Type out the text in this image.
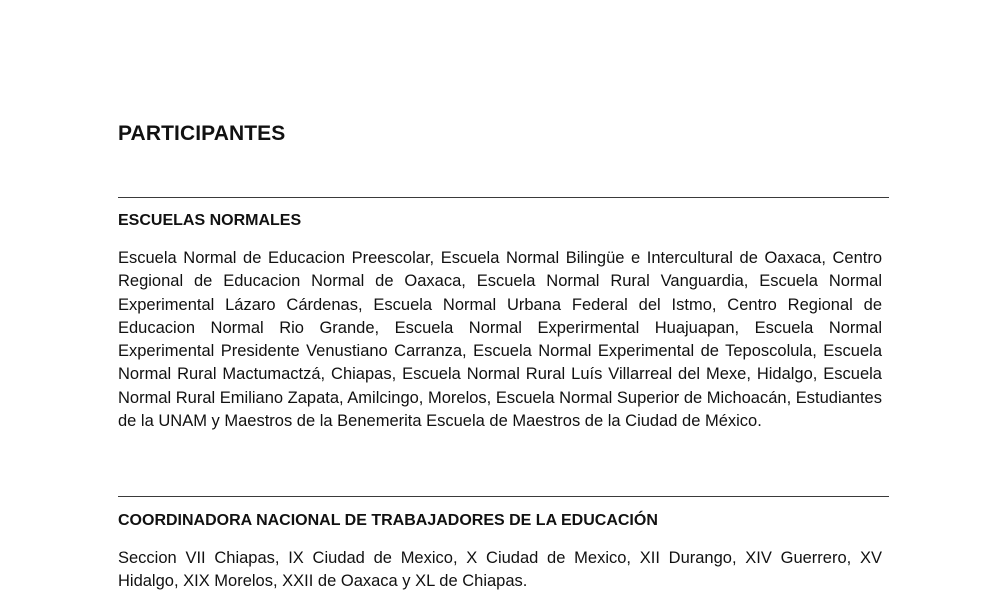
PARTICIPANTES
ESCUELAS NORMALES

Escuela Normal de Educacion Preescolar, Escuela Normal Bilingüe e Intercultural de Oaxaca, Centro Regional de Educacion Normal de Oaxaca, Escuela Normal Rural Vanguardia, Escuela Normal Experimental Lázaro Cárdenas, Escuela Normal Urbana Federal del Istmo, Centro Regional de Educacion Normal Rio Grande, Escuela Normal Experirmental Huajuapan, Escuela Normal Experimental Presidente Venustiano Carranza, Escuela Normal Experimental de Teposcolula, Escuela Normal Rural Mactumactzá, Chiapas, Escuela Normal Rural Luís Villarreal del Mexe, Hidalgo, Escuela Normal Rural Emiliano Zapata, Amilcingo, Morelos, Escuela Normal Superior de Michoacán, Estudiantes de la UNAM y Maestros de la Benemerita Escuela de Maestros de la Ciudad de México.

COORDINADORA NACIONAL DE TRABAJADORES DE LA EDUCACIÓN

Seccion VII Chiapas, IX Ciudad de Mexico, X Ciudad de Mexico, XII Durango, XIV Guerrero, XV Hidalgo, XIX Morelos, XXII de Oaxaca y XL de Chiapas.
